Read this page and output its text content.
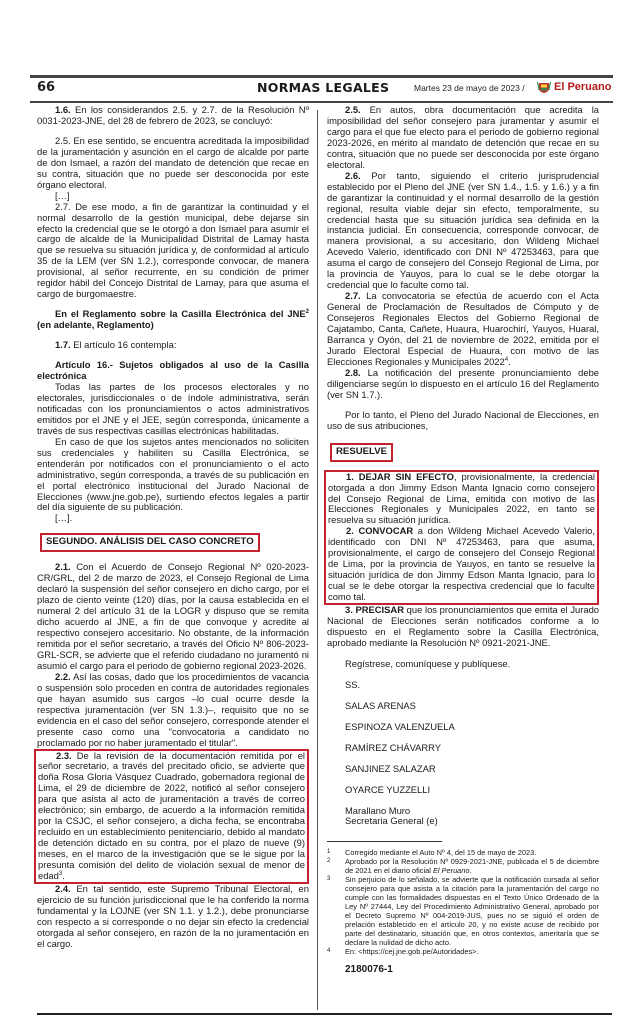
66	NORMAS LEGALES	Martes 23 de mayo de 2023 /	El Peruano

1.6. En los considerandos 2.5. y 2.7. de la Resolución Nº 0031-2023-JNE, del 28 de febrero de 2023, se concluyó:

2.5. En ese sentido, se encuentra acreditada la imposibilidad de la juramentación y asunción en el cargo de alcalde por parte de don Ismael, a razón del mandato de detención que recae en su contra, situación que no puede ser desconocida por este órgano electoral.

[…]

2.7. De ese modo, a fin de garantizar la continuidad y el normal desarrollo de la gestión municipal, debe dejarse sin efecto la credencial que se le otorgó a don Ismael para asumir el cargo de alcalde de la Municipalidad Distrital de Lamay hasta que se resuelva su situación jurídica y, de conformidad al artículo 35 de la LEM (ver SN 1.2.), corresponde convocar, de manera provisional, al señor recurrente, en su condición de primer regidor hábil del Concejo Distrital de Lamay, para que asuma el cargo de burgomaestre.

En el Reglamento sobre la Casilla Electrónica del JNE$^2$ (en adelante, Reglamento)

1.7. El artículo 16 contempla:

Artículo 16.- Sujetos obligados al uso de la Casilla electrónica

Todas las partes de los procesos electorales y no electorales, jurisdiccionales o de índole administrativa, serán notificadas con los pronunciamientos o actos administrativos emitidos por el JNE y el JEE, según corresponda, únicamente a través de sus respectivas casillas electrónicas habilitadas.

En caso de que los sujetos antes mencionados no soliciten sus credenciales y habiliten su Casilla Electrónica, se entenderán por notificados con el pronunciamiento o el acto administrativo, según corresponda, a través de su publicación en el portal electrónico institucional del Jurado Nacional de Elecciones (www.jne.gob.pe), surtiendo efectos legales a partir del día siguiente de su publicación.

[…].

SEGUNDO. ANÁLISIS DEL CASO CONCRETO

2.1. Con el Acuerdo de Consejo Regional Nº 020-2023-CR/GRL, del 2 de marzo de 2023, el Consejo Regional de Lima declaró la suspensión del señor consejero en dicho cargo, por el plazo de ciento veinte (120) días, por la causa establecida en el numeral 2 del artículo 31 de la LOGR y dispuso que se remita dicho acuerdo al JNE, a fin de que convoque y acredite al respectivo consejero accesitario. No obstante, de la información remitida por el señor secretario, a través del Oficio Nº 806-2023-GRL-SCR, se advierte que el referido ciudadano no juramentó ni asumió el cargo para el periodo de gobierno regional 2023-2026.

2.2. Así las cosas, dado que los procedimientos de vacancia o suspensión solo proceden en contra de autoridades regionales que hayan asumido sus cargos –lo cual ocurre desde la respectiva juramentación (ver SN 1.3.)–, requisito que no se evidencia en el caso del señor consejero, corresponde atender el presente caso como una "convocatoria a candidato no proclamado por no haber juramentado el titular".

2.3. De la revisión de la documentación remitida por el señor secretario, a través del precitado oficio, se advierte que doña Rosa Gloria Vásquez Cuadrado, gobernadora regional de Lima, el 29 de diciembre de 2022, notificó al señor consejero para que asista al acto de juramentación a través de correo electrónico; sin embargo, de acuerdo a la información remitida por la CSJC, el señor consejero, a dicha fecha, se encontraba recluido en un establecimiento penitenciario, debido al mandato de detención dictado en su contra, por el plazo de nueve (9) meses, en el marco de la investigación que se le sigue por la presunta comisión del delito de violación sexual de menor de edad$^3$.

2.4. En tal sentido, este Supremo Tribunal Electoral, en ejercicio de su función jurisdiccional que le ha conferido la norma fundamental y la LOJNE (ver SN 1.1. y 1.2.), debe pronunciarse con respecto a si corresponde o no dejar sin efecto la credencial otorgada al señor consejero, en razón de la no juramentación en el cargo.

2.5. En autos, obra documentación que acredita la imposibilidad del señor consejero para juramentar y asumir el cargo para el que fue electo para el periodo de gobierno regional 2023-2026, en mérito al mandato de detención que recae en su contra, situación que no puede ser desconocida por este órgano electoral.

2.6. Por tanto, siguiendo el criterio jurisprudencial establecido por el Pleno del JNE (ver SN 1.4., 1.5. y 1.6.) y a fin de garantizar la continuidad y el normal desarrollo de la gestión regional, resulta viable dejar sin efecto, temporalmente, su credencial hasta que su situación jurídica sea definida en la instancia judicial. En consecuencia, corresponde convocar, de manera provisional, a su accesitario, don Wildeng Michael Acevedo Valerio, identificado con DNI Nº 47253463, para que asuma el cargo de consejero del Consejo Regional de Lima, por la provincia de Yauyos, para lo cual se le debe otorgar la credencial que lo faculte como tal.

2.7. La convocatoria se efectúa de acuerdo con el Acta General de Proclamación de Resultados de Cómputo y de Consejeros Regionales Electos del Gobierno Regional de Cajatambo, Canta, Cañete, Huaura, Huarochirí, Yauyos, Huaral, Barranca y Oyón, del 21 de noviembre de 2022, emitida por el Jurado Electoral Especial de Huaura, con motivo de las Elecciones Regionales y Municipales 2022$^4$.

2.8. La notificación del presente pronunciamiento debe diligenciarse según lo dispuesto en el artículo 16 del Reglamento (ver SN 1.7.).

Por lo tanto, el Pleno del Jurado Nacional de Elecciones, en uso de sus atribuciones,

RESUELVE

1. DEJAR SIN EFECTO, provisionalmente, la credencial otorgada a don Jimmy Edson Manta Ignacio como consejero del Consejo Regional de Lima, emitida con motivo de las Elecciones Regionales y Municipales 2022, en tanto se resuelva su situación jurídica.

2. CONVOCAR a don Wildeng Michael Acevedo Valerio, identificado con DNI Nº 47253463, para que asuma, provisionalmente, el cargo de consejero del Consejo Regional de Lima, por la provincia de Yauyos, en tanto se resuelve la situación jurídica de don Jimmy Edson Manta Ignacio, para lo cual se le debe otorgar la respectiva credencial que lo faculte como tal.

3. PRECISAR que los pronunciamientos que emita el Jurado Nacional de Elecciones serán notificados conforme a lo dispuesto en el Reglamento sobre la Casilla Electrónica, aprobado mediante la Resolución Nº 0921-2021-JNE.

Regístrese, comuníquese y publíquese.

SS.

SALAS ARENAS

ESPINOZA VALENZUELA

RAMÍREZ CHÁVARRY

SANJINEZ SALAZAR

OYARCE YUZZELLI

Marallano Muro

Secretaria General (e)

1	Corregido mediante el Auto Nº 4, del 15 de mayo de 2023.
2	Aprobado por la Resolución Nº 0929-2021-JNE, publicada el 5 de diciembre de 2021 en el diario oficial El Peruano.
3	Sin perjuicio de lo señalado, se advierte que la notificación cursada al señor consejero para que asista a la citación para la juramentación del cargo no cumple con las formalidades dispuestas en el Texto Único Ordenado de la Ley Nº 27444, Ley del Procedimiento Administrativo General, aprobado por el Decreto Supremo Nº 004-2019-JUS, pues no se siguió el orden de prelación establecido en el artículo 20, y no existe acuse de recibido por parte del destinatario, situación que, en otros contextos, ameritaría que se declare la nulidad de dicho acto.
4	En: <https://cej.jne.gob.pe/Autoridades>.
2180076-1
